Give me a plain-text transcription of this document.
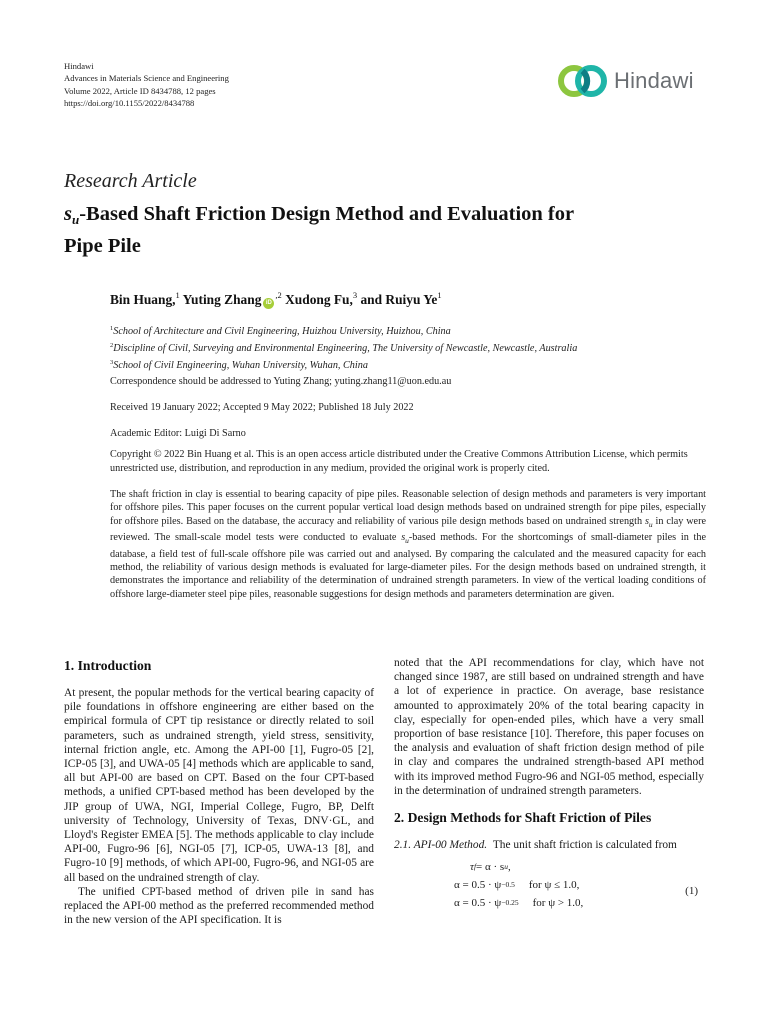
Hindawi
Advances in Materials Science and Engineering
Volume 2022, Article ID 8434788, 12 pages
https://doi.org/10.1155/2022/8434788
Hindawi
Research Article
$s_u$-Based Shaft Friction Design Method and Evaluation for
Pipe Pile
Bin Huang,$^1$ Yuting Zhang $iD^{,2}$ Xudong Fu,$^3$ and Ruiyu Ye$^1$
$^1$School of Architecture and Civil Engineering, Huizhou University, Huizhou, China
$^2$Discipline of Civil, Surveying and Environmental Engineering, The University of Newcastle, Newcastle, Australia
$^3$School of Civil Engineering, Wuhan University, Wuhan, China
Correspondence should be addressed to Yuting Zhang; yuting.zhang11@uon.edu.au
Received 19 January 2022; Accepted 9 May 2022; Published 18 July 2022
Academic Editor: Luigi Di Sarno
Copyright © 2022 Bin Huang et al. This is an open access article distributed under the Creative Commons Attribution License, which permits unrestricted use, distribution, and reproduction in any medium, provided the original work is properly cited.
The shaft friction in clay is essential to bearing capacity of pipe piles. Reasonable selection of design methods and parameters is very important for offshore piles. This paper focuses on the current popular vertical load design methods based on undrained strength for pipe piles, especially for offshore piles. Based on the database, the accuracy and reliability of various pile design methods based on undrained strength $s_u$ in clay were reviewed. The small-scale model tests were conducted to evaluate $s_u$-based methods. For the shortcomings of small-diameter piles in the database, a field test of full-scale offshore pile was carried out and analysed. By comparing the calculated and the measured capacity for each method, the reliability of various design methods is evaluated for large-diameter piles. For the design methods based on undrained strength, it demonstrates the importance and reliability of the determination of undrained strength parameters. In view of the vertical loading conditions of offshore large-diameter steel pipe piles, reasonable suggestions for design methods and parameters determination are given.
1. Introduction
At present, the popular methods for the vertical bearing capacity of pile foundations in offshore engineering are either based on the empirical formula of CPT tip resistance or directly related to soil parameters, such as undrained strength, yield stress, sensitivity, internal friction angle, etc. Among the API-00 [1], Fugro-05 [2], ICP-05 [3], and UWA-05 [4] methods which are applicable to sand, all but API-00 are based on CPT. Based on the four CPT-based methods, a unified CPT-based method has been developed by the JIP group of UWA, NGI, Imperial College, Fugro, BP, Delft university of Technology, University of Texas, DNV·GL, and Lloyd's Register EMEA [5]. The methods applicable to clay include API-00, Fugro-96 [6], NGI-05 [7], ICP-05, UWA-13 [8], and Fugro-10 [9] methods, of which API-00, Fugro-96, and NGI-05 are all based on the undrained strength of clay.
The unified CPT-based method of driven pile in sand has replaced the API-00 method as the preferred recommended method in the new version of the API specification. It is
noted that the API recommendations for clay, which have not changed since 1987, are still based on undrained strength and have a lot of experience in practice. On average, base resistance amounted to approximately 20% of the total bearing capacity in clay, especially for open-ended piles, which have a very small proportion of base resistance [10]. Therefore, this paper focuses on the analysis and evaluation of shaft friction design method of pile in clay and compares the undrained strength-based API method with its improved method Fugro-96 and NGI-05 method, especially in the determination of undrained strength parameters.
2. Design Methods for Shaft Friction of Piles
2.1. API-00 Method. The unit shaft friction is calculated from
τ f = α · s u ,
α = 0.5 · ψ −0.5 for ψ ≤ 1.0,
α = 0.5 · ψ −0.25 for ψ > 1.0,
(1)
